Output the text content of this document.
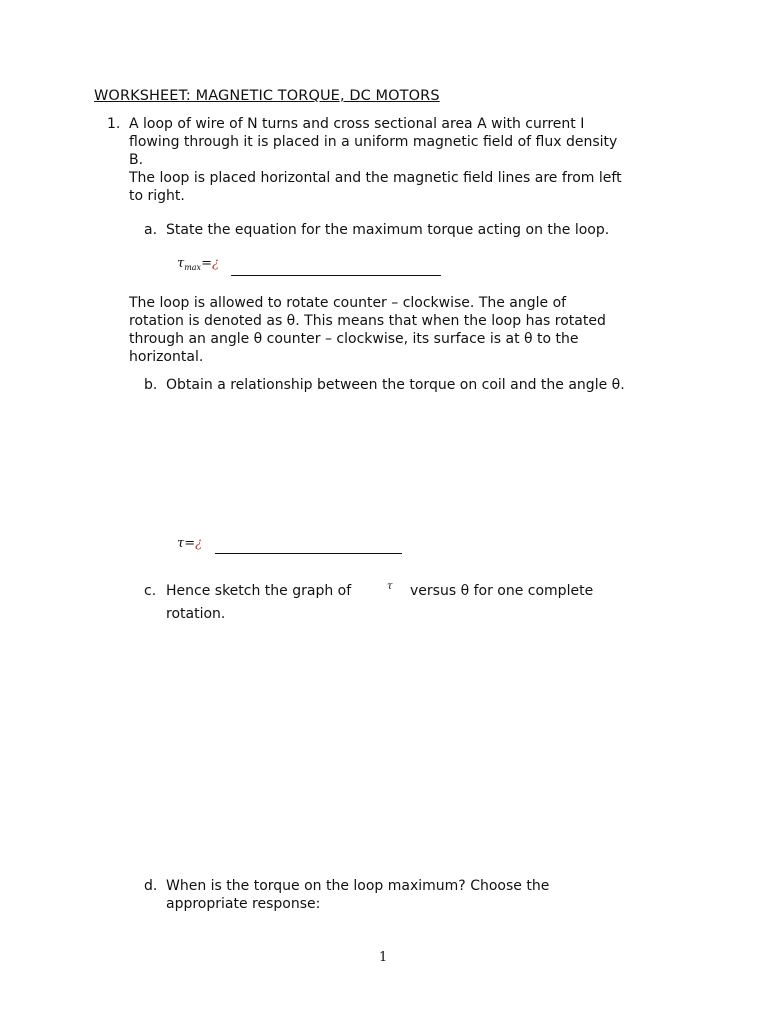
WORKSHEET: MAGNETIC TORQUE, DC MOTORS
1. A loop of wire of N turns and cross sectional area A with current I
flowing through it is placed in a uniform magnetic field of flux density
B.
The loop is placed horizontal and the magnetic field lines are from left
to right.
a. State the equation for the maximum torque acting on the loop.
$\tau_{max}=¿$
The loop is allowed to rotate counter – clockwise. The angle of
rotation is denoted as θ. This means that when the loop has rotated
through an angle θ counter – clockwise, its surface is at θ to the
horizontal.
b. Obtain a relationship between the torque on coil and the angle θ.
τ=¿
c. Hence sketch the graph of	τ versus θ for one complete
rotation.
d. When is the torque on the loop maximum? Choose the
appropriate response:
1
